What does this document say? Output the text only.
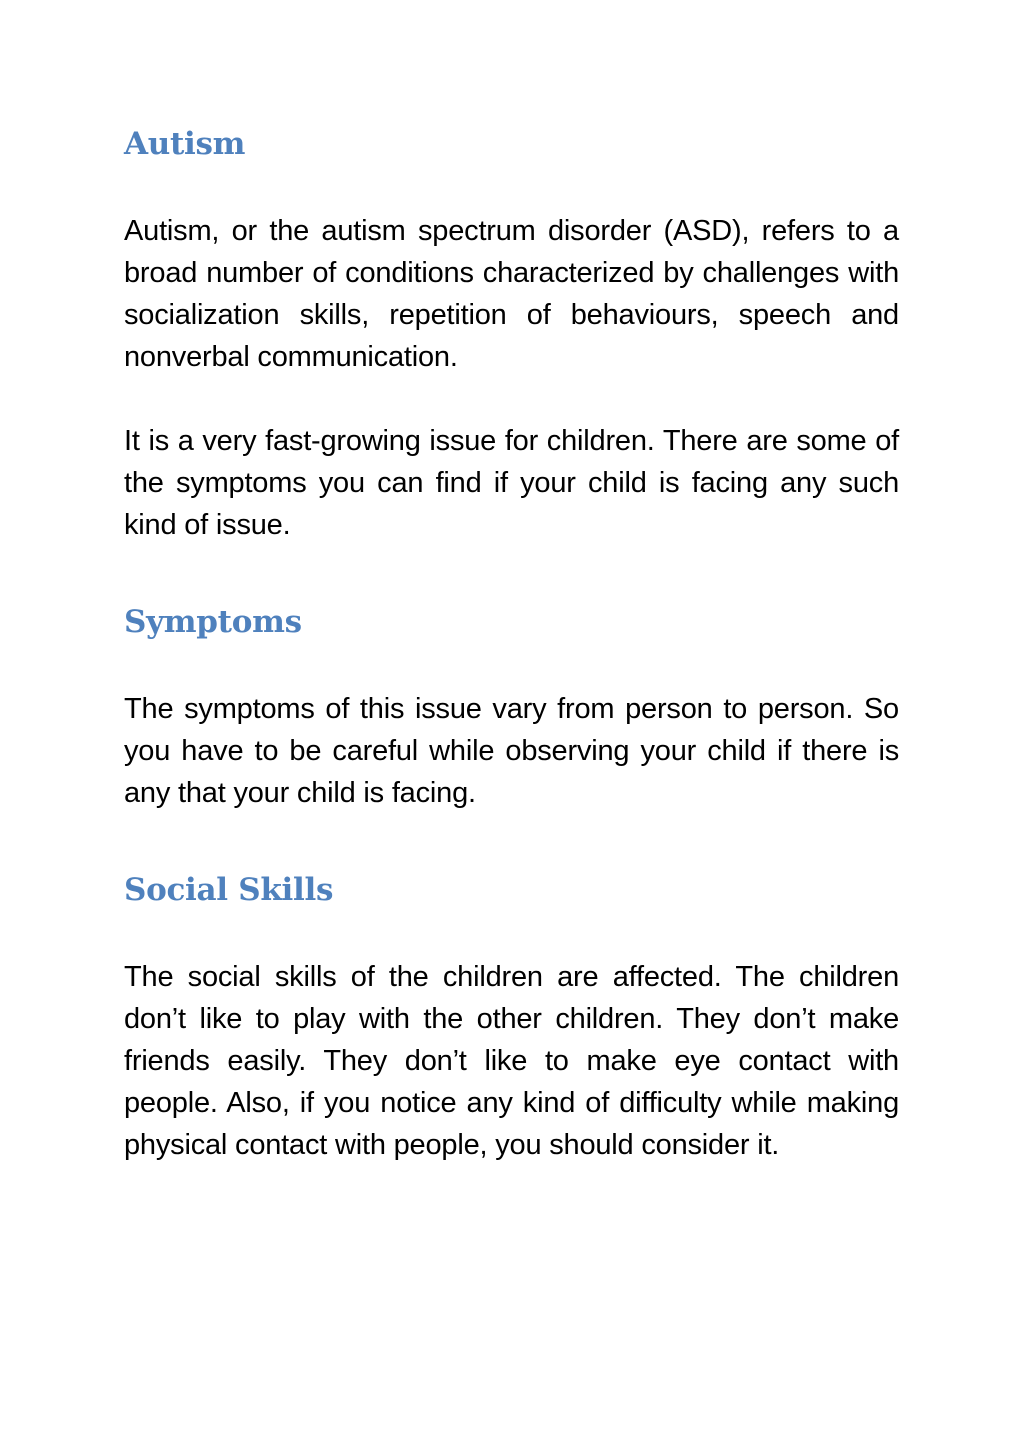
Autism

Autism, or the autism spectrum disorder (ASD), refers to a broad number of conditions characterized by challenges with socialization skills, repetition of behaviours, speech and nonverbal communication.

It is a very fast-growing issue for children. There are some of the symptoms you can find if your child is facing any such kind of issue.

Symptoms

The symptoms of this issue vary from person to person. So you have to be careful while observing your child if there is any that your child is facing.

Social Skills

The social skills of the children are affected. The children don’t like to play with the other children. They don’t make friends easily. They don’t like to make eye contact with people. Also, if you notice any kind of difficulty while making physical contact with people, you should consider it.
